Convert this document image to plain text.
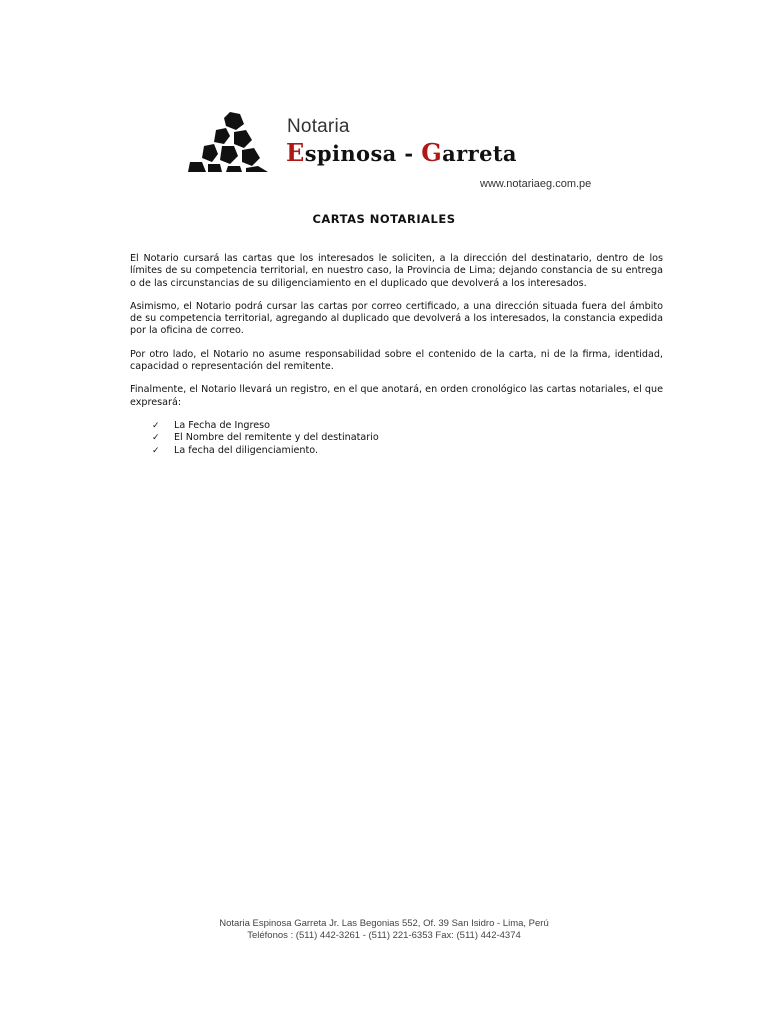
Notaria
Espinosa - Garreta
www.notariaeg.com.pe
CARTAS NOTARIALES

El Notario cursará las cartas que los interesados le soliciten, a la dirección del destinatario, dentro de los límites de su competencia territorial, en nuestro caso, la Provincia de Lima; dejando constancia de su entrega o de las circunstancias de su diligenciamiento en el duplicado que devolverá a los interesados.

Asimismo, el Notario podrá cursar las cartas por correo certificado, a una dirección situada fuera del ámbito de su competencia territorial, agregando al duplicado que devolverá a los interesados, la constancia expedida por la oficina de correo.

Por otro lado, el Notario no asume responsabilidad sobre el contenido de la carta, ni de la firma, identidad, capacidad o representación del remitente.

Finalmente, el Notario llevará un registro, en el que anotará, en orden cronológico las cartas notariales, el que expresará:

✓ La Fecha de Ingreso
✓ El Nombre del remitente y del destinatario
✓ La fecha del diligenciamiento.
Notaria Espinosa Garreta Jr. Las Begonias 552, Of. 39 San Isidro - Lima, Perú
Teléfonos : (511) 442-3261 - (511) 221-6353 Fax: (511) 442-4374
